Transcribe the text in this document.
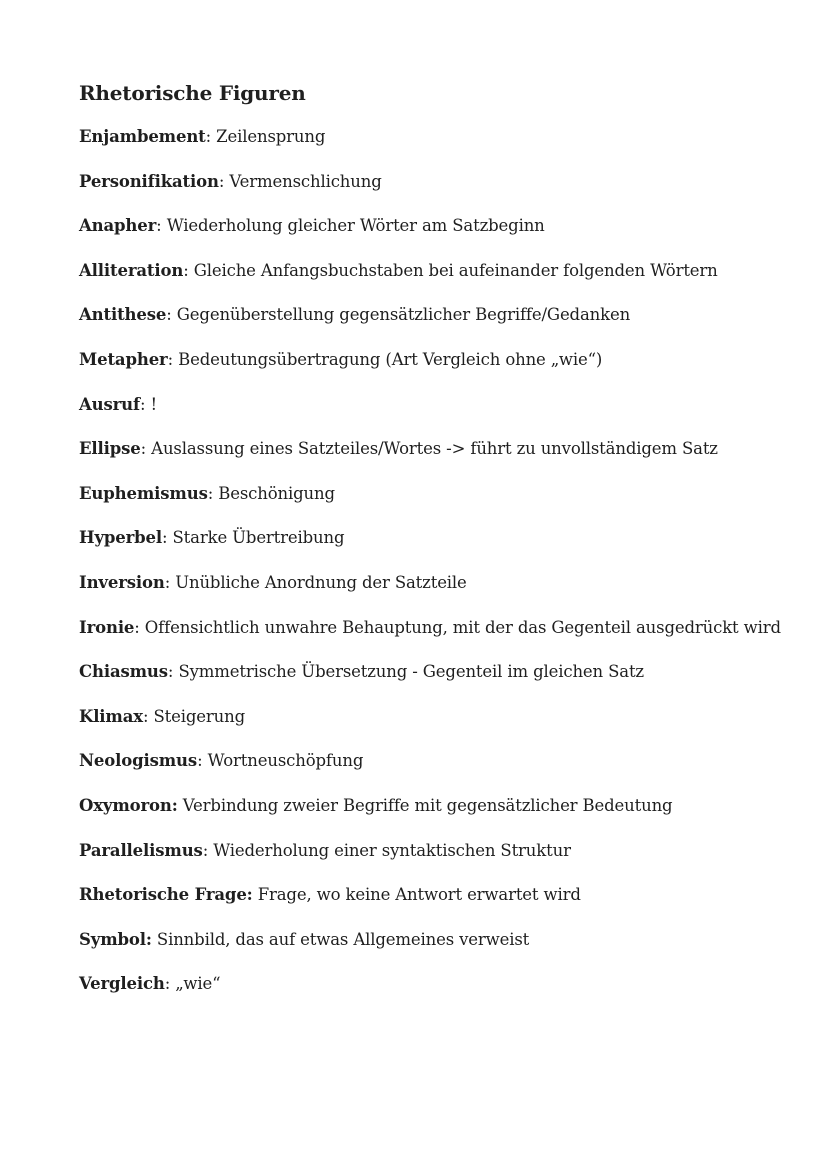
Rhetorische Figuren
Enjambement: Zeilensprung
Personifikation: Vermenschlichung
Anapher: Wiederholung gleicher Wörter am Satzbeginn
Alliteration: Gleiche Anfangsbuchstaben bei aufeinander folgenden Wörtern
Antithese: Gegenüberstellung gegensätzlicher Begriffe/Gedanken
Metapher: Bedeutungsübertragung (Art Vergleich ohne „wie“)
Ausruf: !
Ellipse: Auslassung eines Satzteiles/Wortes -> führt zu unvollständigem Satz
Euphemismus: Beschönigung
Hyperbel: Starke Übertreibung
Inversion: Unübliche Anordnung der Satzteile
Ironie: Offensichtlich unwahre Behauptung, mit der das Gegenteil ausgedrückt wird
Chiasmus: Symmetrische Übersetzung - Gegenteil im gleichen Satz
Klimax: Steigerung
Neologismus: Wortneuschöpfung
Oxymoron: Verbindung zweier Begriffe mit gegensätzlicher Bedeutung
Parallelismus: Wiederholung einer syntaktischen Struktur
Rhetorische Frage: Frage, wo keine Antwort erwartet wird
Symbol: Sinnbild, das auf etwas Allgemeines verweist
Vergleich: „wie“
